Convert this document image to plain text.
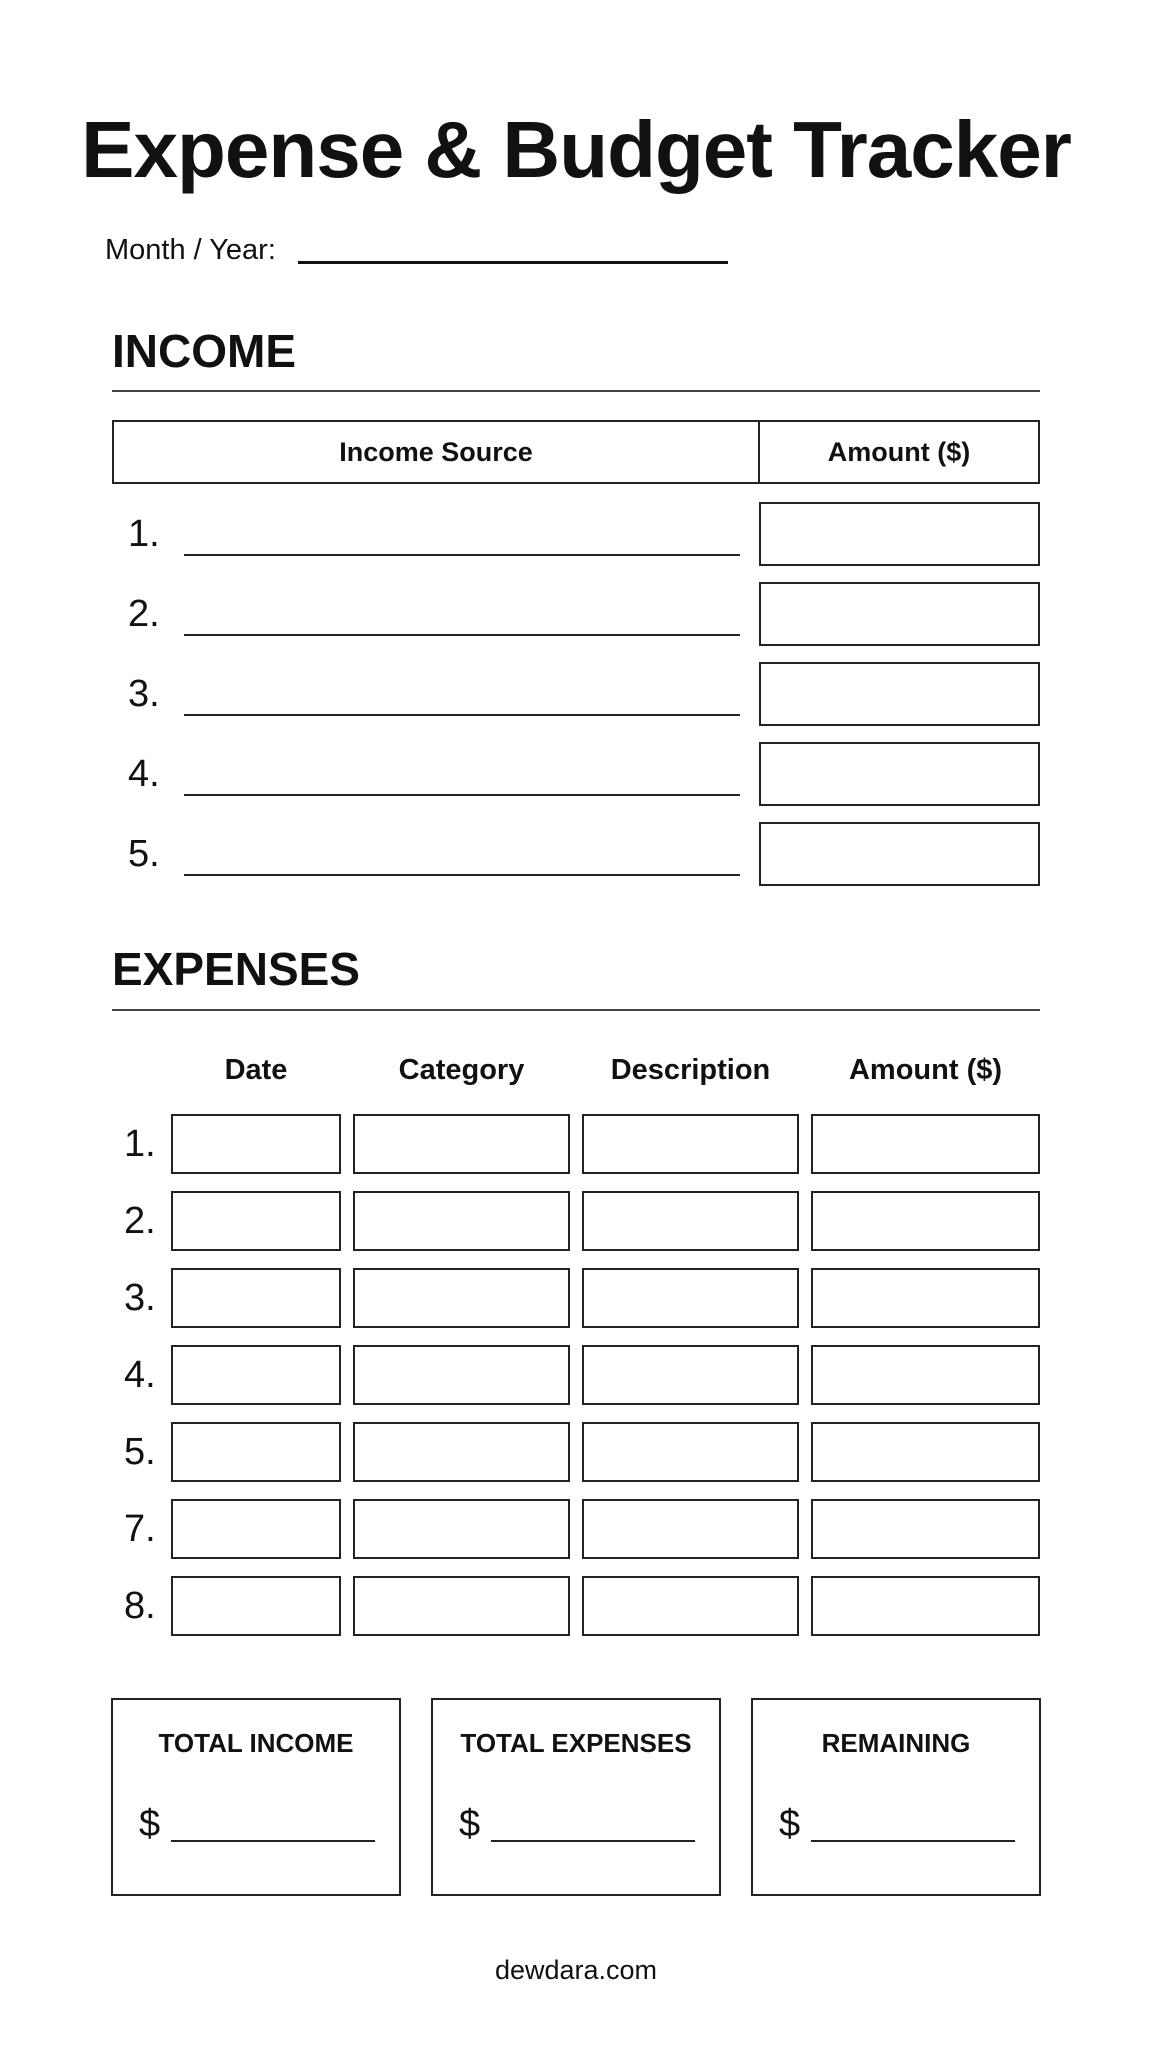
Expense & Budget Tracker
Month / Year:
INCOME
Income Source	Amount ($)
1.
2.
3.
4.
5.
EXPENSES
Date	Category	Description	Amount ($)
1.
2.
3.
4.
5.
7.
8.
TOTAL INCOME
$
TOTAL EXPENSES
$
REMAINING
$
dewdara.com
